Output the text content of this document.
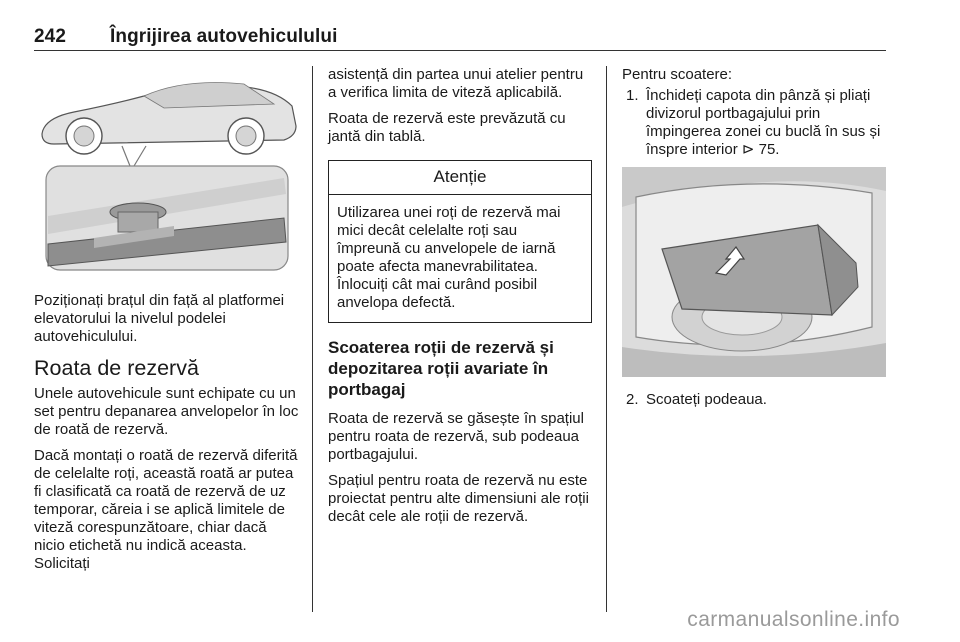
242 Îngrijirea autovehiculului

Poziționați brațul din față al platformei elevatorului la nivelul podelei autovehiculului.

Roata de rezervă

Unele autovehicule sunt echipate cu un set pentru depanarea anvelopelor în loc de roată de rezervă.

Dacă montați o roată de rezervă diferită de celelalte roți, această roată ar putea fi clasificată ca roată de rezervă de uz temporar, căreia i se aplică limitele de viteză corespunzătoare, chiar dacă nicio etichetă nu indică aceasta. Solicitați

asistență din partea unui atelier pentru a verifica limita de viteză aplicabilă.

Roata de rezervă este prevăzută cu jantă din tablă.

Atenție
Utilizarea unei roți de rezervă mai mici decât celelalte roți sau împreună cu anvelopele de iarnă poate afecta manevrabilitatea. Înlocuiți cât mai curând posibil anvelopa defectă.
Scoaterea roții de rezervă și depozitarea roții avariate în portbagaj

Roata de rezervă se găsește în spațiul pentru roata de rezervă, sub podeaua portbagajului.

Spațiul pentru roata de rezervă nu este proiectat pentru alte dimensiuni ale roții decât cele ale roții de rezervă.

Pentru scoatere:

1. Închideți capota din pânză și pliați divizorul portbagajului prin împingerea zonei cu buclă în sus și înspre interior ⊳ 75.
2. Scoateți podeaua.
carmanualsonline.info
